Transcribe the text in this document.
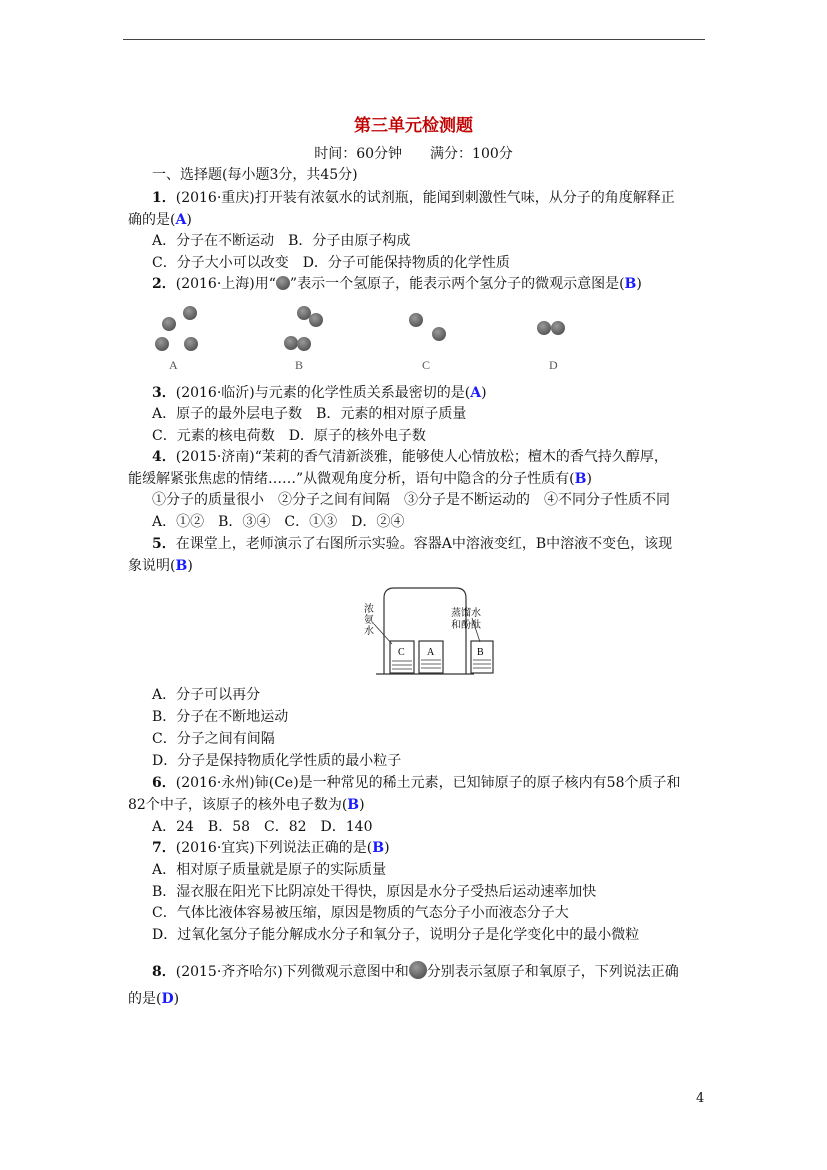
第三单元检测题
时间：60分钟　　满分：100分
一、选择题(每小题3分，共45分)
1．(2016·重庆)打开装有浓氨水的试剂瓶，能闻到刺激性气味，从分子的角度解释正
确的是(A)
A．分子在不断运动　B．分子由原子构成
C．分子大小可以改变　D．分子可能保持物质的化学性质
2．(2016·上海)用“ ”表示一个氢原子，能表示两个氢分子的微观示意图是(B)
A	B	C	D
3．(2016·临沂)与元素的化学性质关系最密切的是(A)
A．原子的最外层电子数　B．元素的相对原子质量
C．元素的核电荷数　D．原子的核外电子数
4．(2015·济南)“茉莉的香气清新淡雅，能够使人心情放松；檀木的香气持久醇厚，
能缓解紧张焦虑的情绪……”从微观角度分析，语句中隐含的分子性质有(B)
①分子的质量很小　②分子之间有间隔　③分子是不断运动的　④不同分子性质不同
A．①②　B．③④　C．①③　D．②④
5．在课堂上，老师演示了右图所示实验。容器A中溶液变红，B中溶液不变色，该现
象说明(B)
C A	B
浓氨水
蒸馏水和酚酞
A．分子可以再分
B．分子在不断地运动
C．分子之间有间隔
D．分子是保持物质化学性质的最小粒子
6．(2016·永州)铈(Ce)是一种常见的稀土元素，已知铈原子的原子核内有58个质子和
82个中子，该原子的核外电子数为(B)
A．24　B．58　C．82　D．140
7．(2016·宜宾)下列说法正确的是(B)
A．相对原子质量就是原子的实际质量
B．湿衣服在阳光下比阴凉处干得快，原因是水分子受热后运动速率加快
C．气体比液体容易被压缩，原因是物质的气态分子小而液态分子大
D．过氧化氢分子能分解成水分子和氧分子，说明分子是化学变化中的最小微粒
8．(2015·齐齐哈尔)下列微观示意图中和 分别表示氢原子和氧原子，下列说法正确
的是(D)
4
